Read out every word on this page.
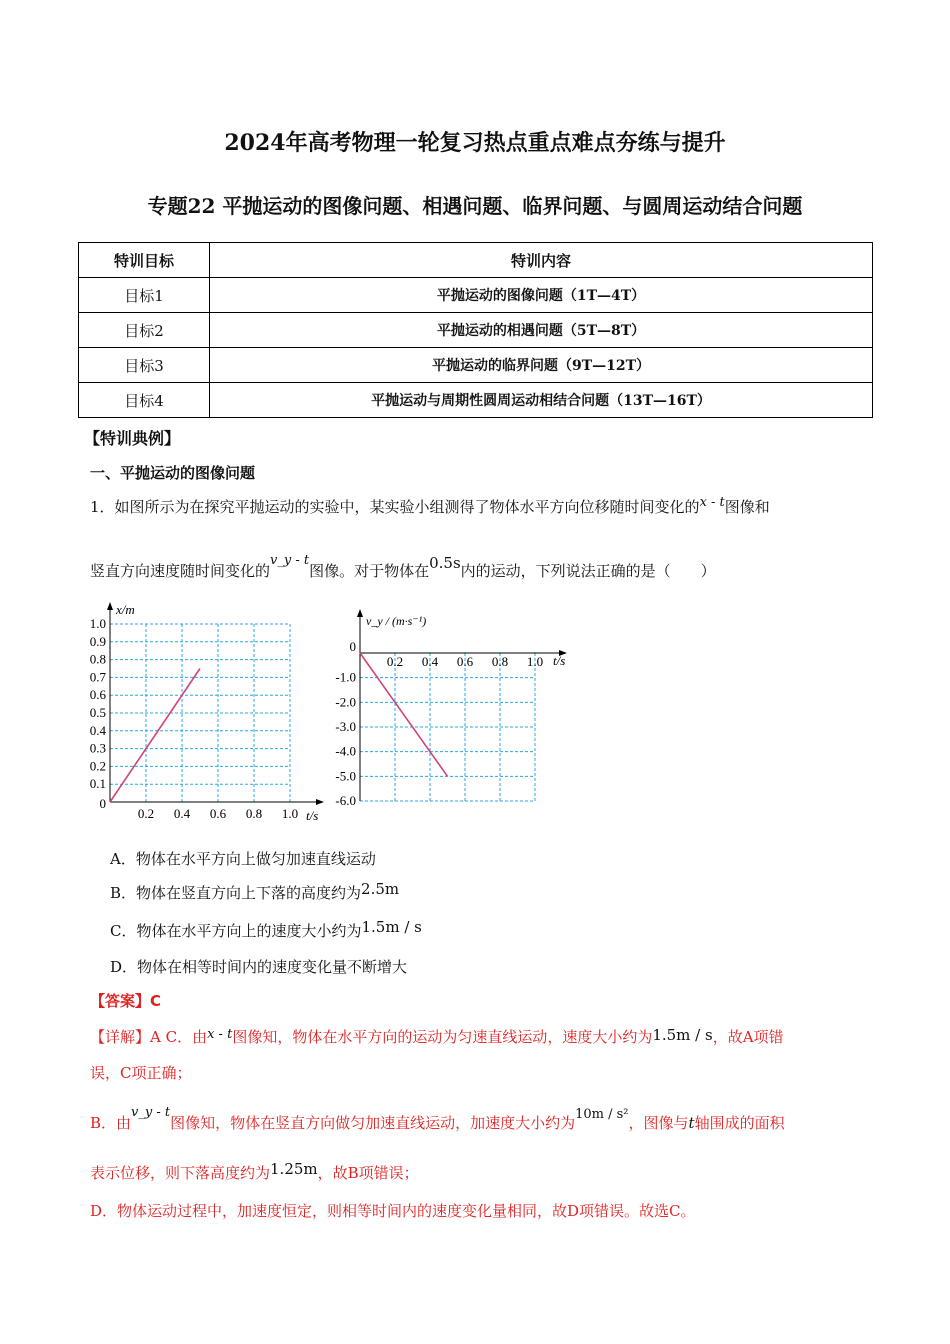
2024年高考物理一轮复习热点重点难点夯练与提升
专题22 平抛运动的图像问题、相遇问题、临界问题、与圆周运动结合问题
特训目标	特训内容
目标1	平抛运动的图像问题（1T—4T）
目标2	平抛运动的相遇问题（5T—8T）
目标3	平抛运动的临界问题（9T—12T）
目标4	平抛运动与周期性圆周运动相结合问题（13T—16T）
【特训典例】
一、平抛运动的图像问题
1．如图所示为在探究平抛运动的实验中，某实验小组测得了物体水平方向位移随时间变化的x - t图像和
竖直方向速度随时间变化的v_y - t图像。对于物体在0.5s内的运动，下列说法正确的是（　　）
0
0.1
0.2
0.3
0.4
0.5
0.6
0.7
0.8
0.9
1.0
0.2 0.4 0.6 0.8 1.0 t/s
x/m
0
-1.0
-2.0
-3.0
-4.0
-5.0
-6.0
0.2 0.4 0.6 0.8 1.0 t/s
v_y / (m·s⁻¹)
A．物体在水平方向上做匀加速直线运动
B．物体在竖直方向上下落的高度约为2.5m
C．物体在水平方向上的速度大小约为1.5m / s
D．物体在相等时间内的速度变化量不断增大
【答案】C
【详解】A C．由x - t图像知，物体在水平方向的运动为匀速直线运动，速度大小约为1.5m / s，故A项错
误，C项正确；
B．由v_y - t图像知，物体在竖直方向做匀加速直线运动，加速度大小约为10m / s²，图像与t轴围成的面积
表示位移，则下落高度约为1.25m，故B项错误；
D．物体运动过程中，加速度恒定，则相等时间内的速度变化量相同，故D项错误。故选C。
